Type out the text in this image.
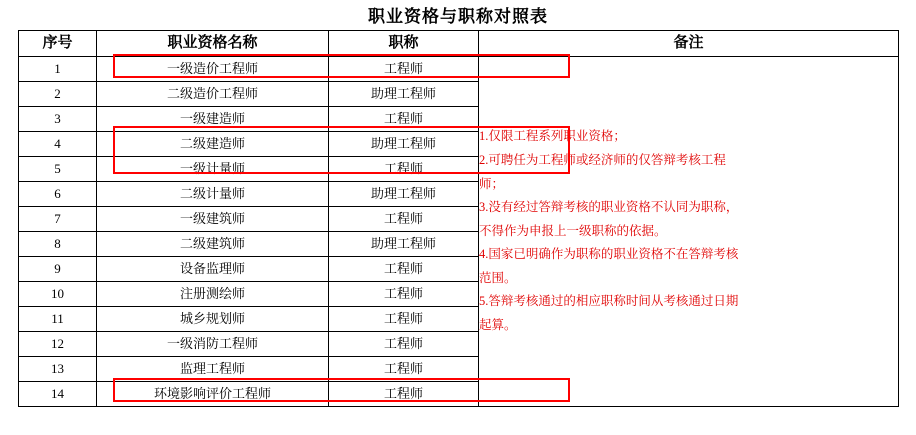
职业资格与职称对照表
序号	职业资格名称	职称	备注
1	一级造价工程师	工程师	
1.仅限工程系列职业资格；
2.可聘任为工程师或经济师的仅答辩考核工程
师；
3.没有经过答辩考核的职业资格不认同为职称，
不得作为申报上一级职称的依据。
4.国家已明确作为职称的职业资格不在答辩考核
范围。
5.答辩考核通过的相应职称时间从考核通过日期
起算。

2	二级造价工程师	助理工程师	
3	一级建造师	工程师	
4	二级建造师	助理工程师	
5	一级计量师	工程师	
6	二级计量师	助理工程师	
7	一级建筑师	工程师	
8	二级建筑师	助理工程师	
9	设备监理师	工程师	
10	注册测绘师	工程师	
11	城乡规划师	工程师	
12	一级消防工程师	工程师	
13	监理工程师	工程师	
14	环境影响评价工程师	工程师	
